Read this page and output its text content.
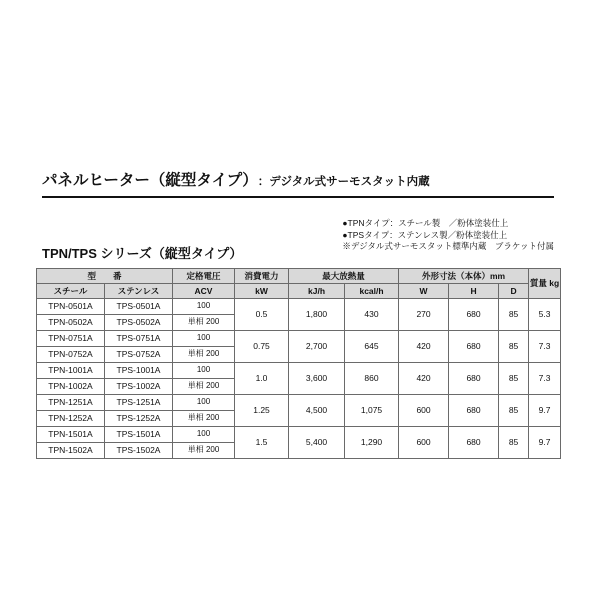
パネルヒーター（縦型タイプ） ：デジタル式サーモスタット内蔵
●TPNタイプ：スチール製　／粉体塗装仕上
●TPSタイプ：ステンレス製／粉体塗装仕上
※デジタル式サーモスタット標準内蔵　ブラケット付属
TPN/TPS シリーズ（縦型タイプ）
型　　番		定格電圧	消費電力	最大放熱量		外形寸法（本体）mm			質量 kg
スチール	ステンレス	ACV	kW	kJ/h	kcal/h	W	H	D	
TPN-0501A	TPS-0501A	100	0.5	1,800	430	270	680	85	5.3
TPN-0502A	TPS-0502A	単相 200							
TPN-0751A	TPS-0751A	100	0.75	2,700	645	420	680	85	7.3
TPN-0752A	TPS-0752A	単相 200							
TPN-1001A	TPS-1001A	100	1.0	3,600	860	420	680	85	7.3
TPN-1002A	TPS-1002A	単相 200							
TPN-1251A	TPS-1251A	100	1.25	4,500	1,075	600	680	85	9.7
TPN-1252A	TPS-1252A	単相 200							
TPN-1501A	TPS-1501A	100	1.5	5,400	1,290	600	680	85	9.7
TPN-1502A	TPS-1502A	単相 200							
